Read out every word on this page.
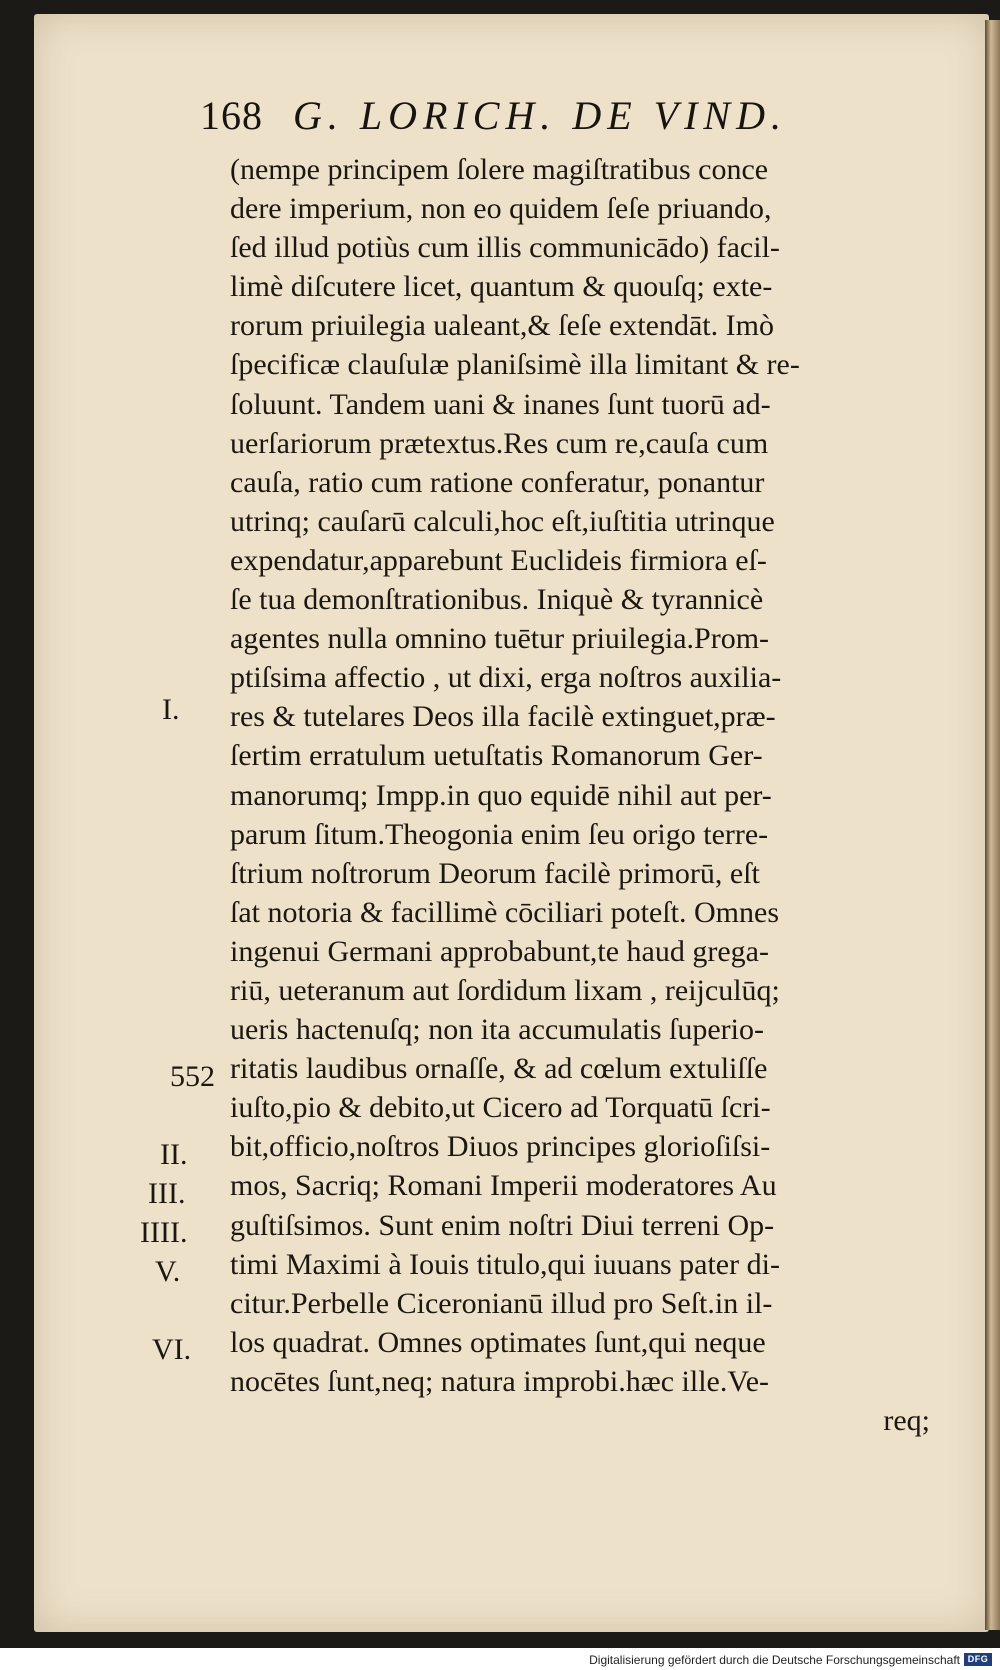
168 G. LORICH. DE VIND.
(nempe principem ſolere magiſtratibus conce
dere imperium, non eo quidem ſeſe priuando,
ſed illud potiùs cum illis communicādo) facil-
limè diſcutere licet, quantum & quouſq; exte-
rorum priuilegia ualeant,& ſeſe extendāt. Imò
ſpecificæ clauſulæ planiſsimè illa limitant & re-
ſoluunt. Tandem uani & inanes ſunt tuorū ad-
uerſariorum prætextus.Res cum re,cauſa cum
cauſa, ratio cum ratione conferatur, ponantur
utrinq; cauſarū calculi,hoc eſt,iuſtitia utrinque
expendatur,apparebunt Euclideis firmiora eſ-
ſe tua demonſtrationibus. Iniquè & tyrannicè
agentes nulla omnino tuētur priuilegia.Prom-
ptiſsima affectio , ut dixi, erga noſtros auxilia-
res & tutelares Deos illa facilè extinguet,præ-
ſertim erratulum uetuſtatis Romanorum Ger-
manorumq; Impp.in quo equidē nihil aut per-
parum ſitum.Theogonia enim ſeu origo terre-
ſtrium noſtrorum Deorum facilè primorū, eſt
ſat notoria & facillimè cōciliari poteſt. Omnes
ingenui Germani approbabunt,te haud grega-
riū, ueteranum aut ſordidum lixam , reijculūq;
ueris hactenuſq; non ita accumulatis ſuperio-
ritatis laudibus ornaſſe, & ad cœlum extuliſſe
iuſto,pio & debito,ut Cicero ad Torquatū ſcri-
bit,officio,noſtros Diuos principes glorioſiſsi-
mos, Sacriq; Romani Imperii moderatores Au
guſtiſsimos. Sunt enim noſtri Diui terreni Op-
timi Maximi à Iouis titulo,qui iuuans pater di-
citur.Perbelle Ciceronianū illud pro Seſt.in il-
los quadrat. Omnes optimates ſunt,qui neque
nocētes ſunt,neq; natura improbi.hæc ille.Ve-
req;
I.
552
II.
III.
IIII.
V.
VI.
Digitalisierung gefördert durch die Deutsche Forschungsgemeinschaft DFG
